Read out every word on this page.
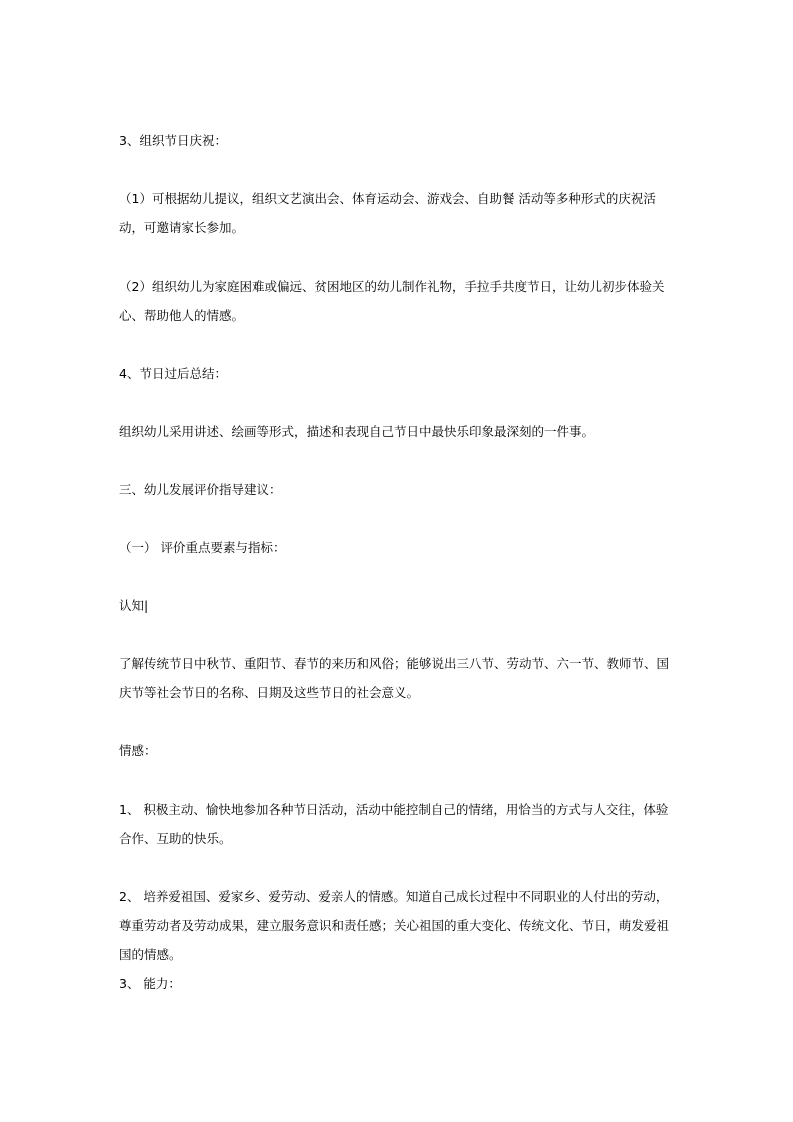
3、组织节日庆祝：
（1）可根据幼儿提议，组织文艺演出会、体育运动会、游戏会、自助餐 活动等多种形式的庆祝活动，可邀请家长参加。
（2）组织幼儿为家庭困难或偏远、贫困地区的幼儿制作礼物，手拉手共度节日，让幼儿初步体验关心、帮助他人的情感。
4、节日过后总结：
组织幼儿采用讲述、绘画等形式，描述和表现自己节日中最快乐印象最深刻的一件事。
三、幼儿发展评价指导建议：
（一） 评价重点要素与指标：
认知|
了解传统节日中秋节、重阳节、春节的来历和风俗；能够说出三八节、劳动节、六一节、教师节、国庆节等社会节日的名称、日期及这些节日的社会意义。
情感：
1、 积极主动、愉快地参加各种节日活动，活动中能控制自己的情绪，用恰当的方式与人交往，体验合作、互助的快乐。
2、 培养爱祖国、爱家乡、爱劳动、爱亲人的情感。知道自己成长过程中不同职业的人付出的劳动，尊重劳动者及劳动成果，建立服务意识和责任感；关心祖国的重大变化、传统文化、节日，萌发爱祖国的情感。
3、 能力：
